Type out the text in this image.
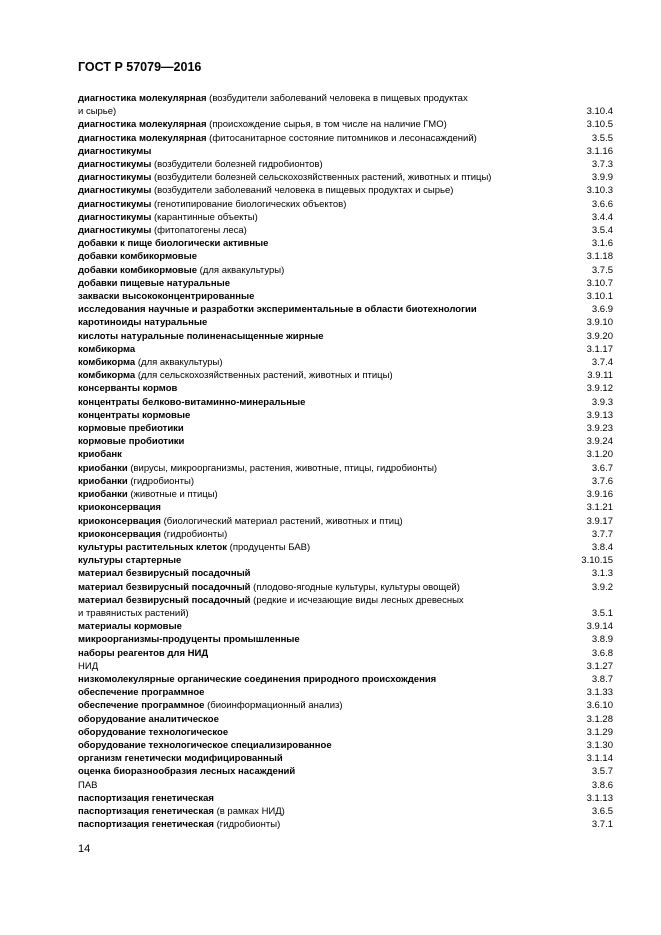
ГОСТ Р 57079—2016
диагностика молекулярная (возбудители заболеваний человека в пищевых продуктах
и сырье)	3.10.4
диагностика молекулярная (происхождение сырья, в том числе на наличие ГМО)	3.10.5
диагностика молекулярная (фитосанитарное состояние питомников и лесонасаждений)	3.5.5
диагностикумы	3.1.16
диагностикумы (возбудители болезней гидробионтов)	3.7.3
диагностикумы (возбудители болезней сельскохозяйственных растений, животных и птицы)	3.9.9
диагностикумы (возбудители заболеваний человека в пищевых продуктах и сырье)	3.10.3
диагностикумы (генотипирование биологических объектов)	3.6.6
диагностикумы (карантинные объекты)	3.4.4
диагностикумы (фитопатогены леса)	3.5.4
добавки к пище биологически активные	3.1.6
добавки комбикормовые	3.1.18
добавки комбикормовые (для аквакультуры)	3.7.5
добавки пищевые натуральные	3.10.7
закваски высококонцентрированные	3.10.1
исследования научные и разработки экспериментальные в области биотехнологии	3.6.9
каротиноиды натуральные	3.9.10
кислоты натуральные полиненасыщенные жирные	3.9.20
комбикорма	3.1.17
комбикорма (для аквакультуры)	3.7.4
комбикорма (для сельскохозяйственных растений, животных и птицы)	3.9.11
консерванты кормов	3.9.12
концентраты белково-витаминно-минеральные	3.9.3
концентраты кормовые	3.9.13
кормовые пребиотики	3.9.23
кормовые пробиотики	3.9.24
криобанк	3.1.20
криобанки (вирусы, микроорганизмы, растения, животные, птицы, гидробионты)	3.6.7
криобанки (гидробионты)	3.7.6
криобанки (животные и птицы)	3.9.16
криоконсервация	3.1.21
криоконсервация (биологический материал растений, животных и птиц)	3.9.17
криоконсервация (гидробионты)	3.7.7
культуры растительных клеток (продуценты БАВ)	3.8.4
культуры стартерные	3.10.15
материал безвирусный посадочный	3.1.3
материал безвирусный посадочный (плодово-ягодные культуры, культуры овощей)	3.9.2
материал безвирусный посадочный (редкие и исчезающие виды лесных древесных
и травянистых растений)	3.5.1
материалы кормовые	3.9.14
микроорганизмы-продуценты промышленные	3.8.9
наборы реагентов для НИД	3.6.8
НИД	3.1.27
низкомолекулярные органические соединения природного происхождения	3.8.7
обеспечение программное	3.1.33
обеспечение программное (биоинформационный анализ)	3.6.10
оборудование аналитическое	3.1.28
оборудование технологическое	3.1.29
оборудование технологическое специализированное	3.1.30
организм генетически модифицированный	3.1.14
оценка биоразнообразия лесных насаждений	3.5.7
ПАВ	3.8.6
паспортизация генетическая	3.1.13
паспортизация генетическая (в рамках НИД)	3.6.5
паспортизация генетическая (гидробионты)	3.7.1
14
